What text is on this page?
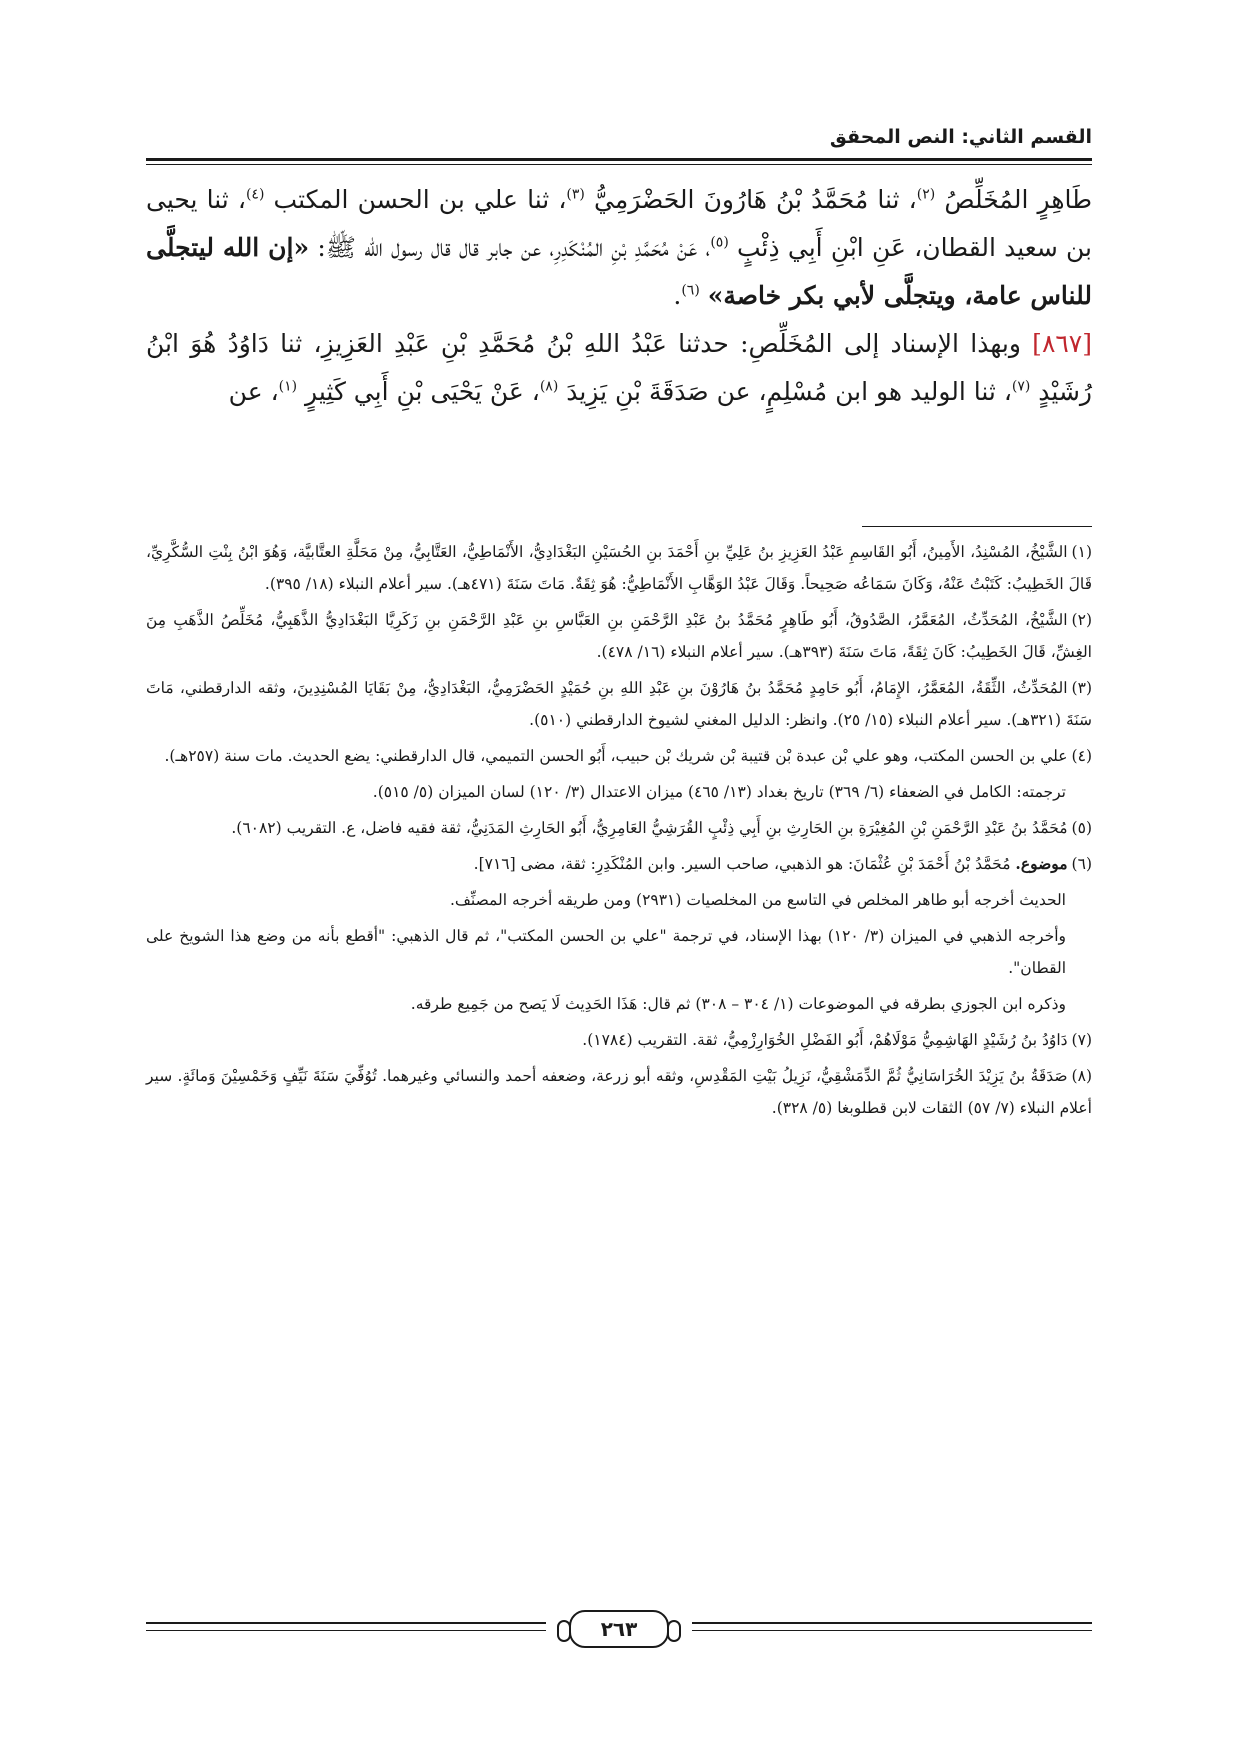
القسم الثاني: النص المحقق

طَاهِرٍ المُخَلِّصُ $^{(٢)}$، ثنا مُحَمَّدُ بْنُ هَارُونَ الحَضْرَمِيُّ $^{(٣)}$، ثنا علي بن الحسن المكتب $^{(٤)}$، ثنا يحيى بن سعيد القطان، عَنِ ابْنِ أَبِي ذِئْبٍ $^{(٥)}$، عَنْ مُحَمَّدِ بْنِ المُنْكَدِرِ، عن جابر قال قال رسول الله ﷺ: «إن الله ليتجلَّى للناس عامة، ويتجلَّى لأبي بكر خاصة» $^{(٦)}$.

[٨٦٧] وبهذا الإسناد إلى المُخَلِّصِ: حدثنا عَبْدُ اللهِ بْنُ مُحَمَّدِ بْنِ عَبْدِ العَزِيزِ، ثنا دَاوُدُ هُوَ ابْنُ رُشَيْدٍ $^{(٧)}$، ثنا الوليد هو ابن مُسْلِمٍ، عن صَدَقَةَ بْنِ يَزِيدَ $^{(٨)}$، عَنْ يَحْيَى بْنِ أَبِي كَثِيرٍ $^{(١)}$، عن

(١)الشَّيْخُ، المُسْنِدُ، الأَمِينُ، أَبُو القَاسِمِ عَبْدُ العَزِيزِ بنُ عَلِيِّ بنِ أَحْمَدَ بنِ الحُسَيْنِ البَغْدَادِيُّ، الأَنْمَاطِيُّ، العَتَّابِيُّ، مِنْ مَحَلَّةِ العتَّابيَّة، وَهُوَ ابْنُ بِنْتِ السُّكَّرِيِّ، قَالَ الخَطِيبُ: كَتَبْتُ عَنْهُ، وَكَانَ سَمَاعُه صَحِيحاً. وَقَالَ عَبْدُ الوَهَّابِ الأَنْمَاطِيُّ: هُوَ ثِقَةٌ. مَاتَ سَنَةَ (٤٧١هـ). سير أعلام النبلاء (١٨/ ٣٩٥).

(٢)الشَّيْخُ، المُحَدِّثُ، المُعَمَّرُ، الصَّدُوقُ، أَبُو طَاهِرٍ مُحَمَّدُ بنُ عَبْدِ الرَّحْمَنِ بنِ العَبَّاسِ بنِ عَبْدِ الرَّحْمَنِ بنِ زَكَرِيَّا البَغْدَادِيُّ الذَّهَبِيُّ، مُخَلِّصُ الذَّهَبِ مِنَ الغِشِّ، قَالَ الخَطِيبُ: كَانَ ثِقَةً، مَاتَ سَنَةَ (٣٩٣هـ). سير أعلام النبلاء (١٦/ ٤٧٨).

(٣)المُحَدِّثُ، الثِّقَةُ، المُعَمَّرُ، الإِمَامُ، أَبُو حَامِدٍ مُحَمَّدُ بنُ هَارُوْنَ بنِ عَبْدِ اللهِ بنِ حُمَيْدٍ الحَضْرَمِيُّ، البَغْدَادِيُّ، مِنْ بَقَايَا المُسْنِدِينَ، وثقه الدارقطني، مَاتَ سَنَةَ (٣٢١هـ). سير أعلام النبلاء (١٥/ ٢٥). وانظر: الدليل المغني لشيوخ الدارقطني (٥١٠).

(٤)علي بن الحسن المكتب، وهو علي بْن عبدة بْن قتيبة بْن شريك بْن حبيب، أَبُو الحسن التميمي، قال الدارقطني: يضع الحديث. مات سنة (٢٥٧هـ).

ترجمته: الكامل في الضعفاء (٦/ ٣٦٩) تاريخ بغداد (١٣/ ٤٦٥) ميزان الاعتدال (٣/ ١٢٠) لسان الميزان (٥/ ٥١٥).

(٥)مُحَمَّدُ بنُ عَبْدِ الرَّحْمَنِ بْنِ المُغِيْرَةِ بنِ الحَارِثِ بنِ أَبِي ذِئْبٍ القُرَشِيُّ العَامِرِيُّ، أَبُو الحَارِثِ المَدَنِيُّ، ثقة فقيه فاضل، ع. التقريب (٦٠٨٢).

(٦)موضوع. مُحَمَّدُ بْنُ أَحْمَدَ بْنِ عُثْمَانَ: هو الذهبي، صاحب السير. وابن المُنْكَدِرِ: ثقة، مضى [٧١٦].

الحديث أخرجه أبو طاهر المخلص في التاسع من المخلصيات (٢٩٣١) ومن طريقه أخرجه المصنِّف.

وأخرجه الذهبي في الميزان (٣/ ١٢٠) بهذا الإسناد، في ترجمة "علي بن الحسن المكتب"، ثم قال الذهبي: "أقطع بأنه من وضع هذا الشويخ على القطان".

وذكره ابن الجوزي بطرقه في الموضوعات (١/ ٣٠٤ – ٣٠٨) ثم قال: هَذَا الحَدِيث لَا يَصح من جَمِيع طرقه.

(٧)دَاوُدُ بنُ رُشَيْدٍ الهَاشِمِيُّ مَوْلَاهُمْ، أَبُو الفَضْلِ الخُوَارِزْمِيُّ، ثقة. التقريب (١٧٨٤).

(٨)صَدَقَةُ بنُ يَزِيْدَ الخُرَاسَانِيُّ ثُمَّ الدِّمَشْقِيُّ، نَزِيلُ بَيْتِ المَقْدِسِ، وثقه أبو زرعة، وضعفه أحمد والنسائي وغيرهما. تُوُفِّيَ سَنَةَ نَيِّفٍ وَخَمْسِيْنَ وَمائَةٍ. سير أعلام النبلاء (٧/ ٥٧) الثقات لابن قطلوبغا (٥/ ٣٢٨).

٢٦٣
